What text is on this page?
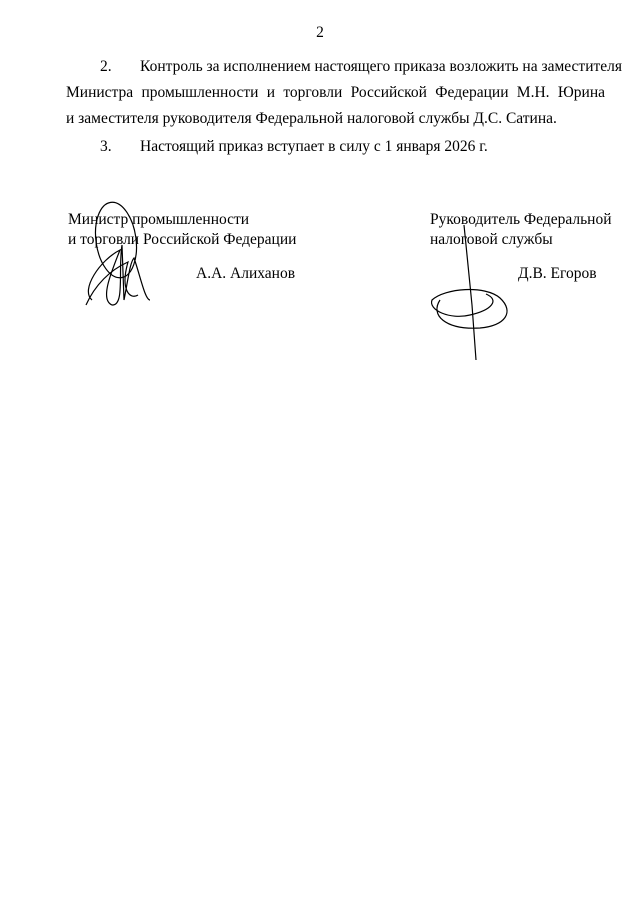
2
2. Контроль за исполнением настоящего приказа возложить на заместителя
Министра промышленности и торговли Российской Федерации М.Н. Юрина
и заместителя руководителя Федеральной налоговой службы Д.С. Сатина.
3. Настоящий приказ вступает в силу с 1 января 2026 г.
Министр промышленности
и торговли Российской Федерации
А.А. Алиханов
Руководитель Федеральной
налоговой службы
Д.В. Егоров
